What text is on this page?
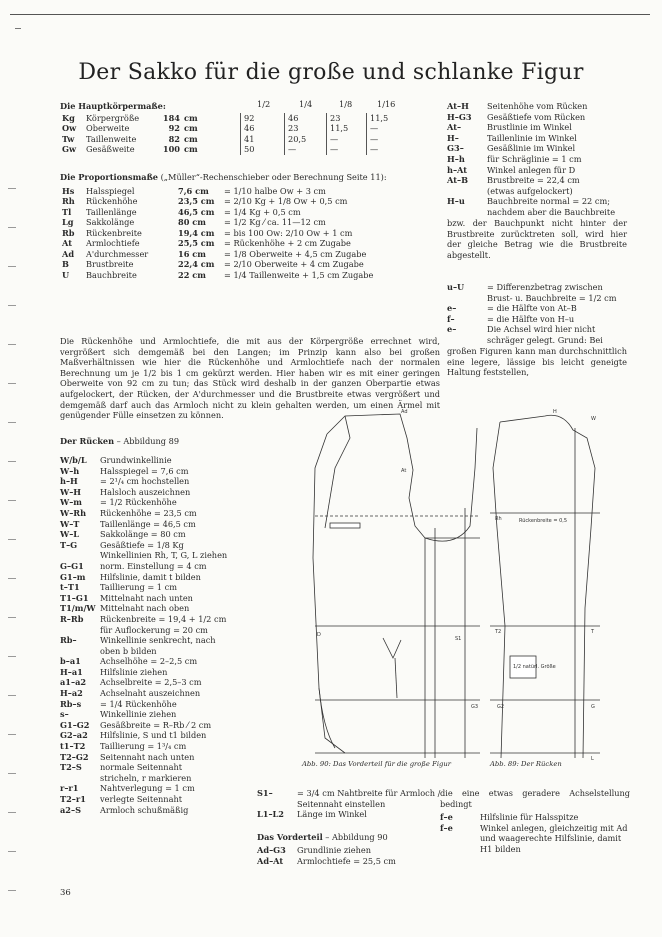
Der Sakko für die große und schlanke Figur
Die Hauptkörpermaße:
Kg	Körpergröße	184	cm	92	46	23	11,5
Ow	Oberweite	92	cm	46	23	11,5	—
Tw	Taillenweite	82	cm	41	20,5	—	—
Gw	Gesäßweite	100	cm	50	—	—	—
1/2	1/4	1/8	1/16
Die Proportionsmaße („Müller“-Rechenschieber oder Berechnung Seite 11):
Hs	Halsspiegel	7,6 cm	= 1/10 halbe Ow + 3 cm
Rh	Rückenhöhe	23,5 cm	= 2/10 Kg + 1/8 Ow + 0,5 cm
Tl	Taillenlänge	46,5 cm	= 1/4 Kg + 0,5 cm
Lg	Sakkolänge	80 cm	= 1/2 Kg ⁄ ca. 11—12 cm
Rb	Rückenbreite	19,4 cm	= bis 100 Ow: 2/10 Ow + 1 cm
At	Armlochtiefe	25,5 cm	= Rückenhöhe + 2 cm Zugabe
Ad	A'durchmesser	16 cm	= 1/8 Oberweite + 4,5 cm Zugabe
B	Brustbreite	22,4 cm	= 2/10 Oberweite + 4 cm Zugabe
U	Bauchbreite	22 cm	= 1/4 Taillenweite + 1,5 cm Zugabe
Die Rückenhöhe und Armlochtiefe, die mit aus der Körpergröße errechnet wird, vergrößert sich demgemäß bei den Langen; im Prinzip kann also bei großen Maßverhältnissen wie hier die Rückenhöhe und Armlochtiefe nach der normalen Berechnung um je 1/2 bis 1 cm gekürzt werden. Hier haben wir es mit einer geringen Oberweite von 92 cm zu tun; das Stück wird deshalb in der ganzen Oberpartie etwas aufgelockert, der Rücken, der A'durchmesser und die Brustbreite etwas vergrößert und demgemäß darf auch das Armloch nicht zu klein gehalten werden, um einen Ärmel mit genügender Fülle einsetzen zu können.
At–H	Seitenhöhe vom Rücken
H–G3	Gesäßtiefe vom Rücken
At–	Brustlinie im Winkel
H–	Taillenlinie im Winkel
G3–	Gesäßlinie im Winkel
H–h	für Schräglinie = 1 cm
h–At	Winkel anlegen für D
At–B	Brustbreite = 22,4 cm
(etwas aufgelockert)
H–u	Bauchbreite normal = 22 cm;
nachdem aber die Bauchbreite
bzw. der Bauchpunkt nicht hinter der Brustbreite zurücktreten soll, wird hier der gleiche Betrag wie die Brustbreite abgestellt.
u–U	= Differenzbetrag zwischen Brust- u. Bauchbreite = 1/2 cm
e–	= die Hälfte von At–B
f–	= die Hälfte von H–u
e–	Die Achsel wird hier nicht schräger gelegt. Grund: Bei
großen Figuren kann man durchschnittlich eine legere, lässige bis leicht geneigte Haltung feststellen,
Der Rücken – Abbildung 89
W/b/L	Grundwinkellinie
W–h	Halsspiegel = 7,6 cm
h–H	= 2¹/₄ cm hochstellen
W–H	Halsloch auszeichnen
W–m	= 1/2 Rückenhöhe
W–Rh	Rückenhöhe = 23,5 cm
W–T	Taillenlänge = 46,5 cm
W–L	Sakkolänge = 80 cm
T–G	Gesäßtiefe = 1/8 Kg
Winkellinien Rh, T, G, L ziehen
G–G1	norm. Einstellung = 4 cm
G1–m	Hilfslinie, damit t bilden
t–T1	Taillierung = 1 cm
T1–G1	Mittelnaht nach unten
T1/m/W Mittelnaht nach oben
R–Rb	Rückenbreite = 19,4 + 1/2 cm
für Auflockerung = 20 cm
Rb–	Winkellinie senkrecht, nach
oben b bilden
b–a1	Achselhöhe = 2–2,5 cm
H–a1	Hilfslinie ziehen
a1–a2	Achselbreite = 2,5–3 cm
H–a2	Achselnaht auszeichnen
Rb–s	= 1/4 Rückenhöhe
s–	Winkellinie ziehen
G1–G2	Gesäßbreite = R–Rb ⁄ 2 cm
G2–a2	Hilfslinie, S und t1 bilden
t1–T2	Taillierung = 1³/₄ cm
T2–G2	Seitennaht nach unten
T2–S	normale Seitennaht
stricheln, r markieren
r–r1	Nahtverlegung = 1 cm
T2–r1	verlegte Seitennaht
a2–S	Armloch schußmäßig
S1–	= 3/4 cm Nahtbreite für Armloch / Seitennaht einstellen
L1–L2	Länge im Winkel
Das Vorderteil – Abbildung 90
Ad–G3	Grundlinie ziehen
Ad–At	Armlochtiefe = 25,5 cm
die eine etwas geradere Achselstellung bedingt
f–e	Hilfslinie für Halsspitze
f–e	Winkel anlegen, gleichzeitig mit Ad und waagerechte Hilfslinie, damit H1 bilden
Ad
At
D
S1
G3
H
W
Rh
T2	T
G2	G
L
Rückenbreite = 0,5
1/2 natürl. Größe
Abb. 90: Das Vorderteil für die große Figur	Abb. 89: Der Rücken
36
